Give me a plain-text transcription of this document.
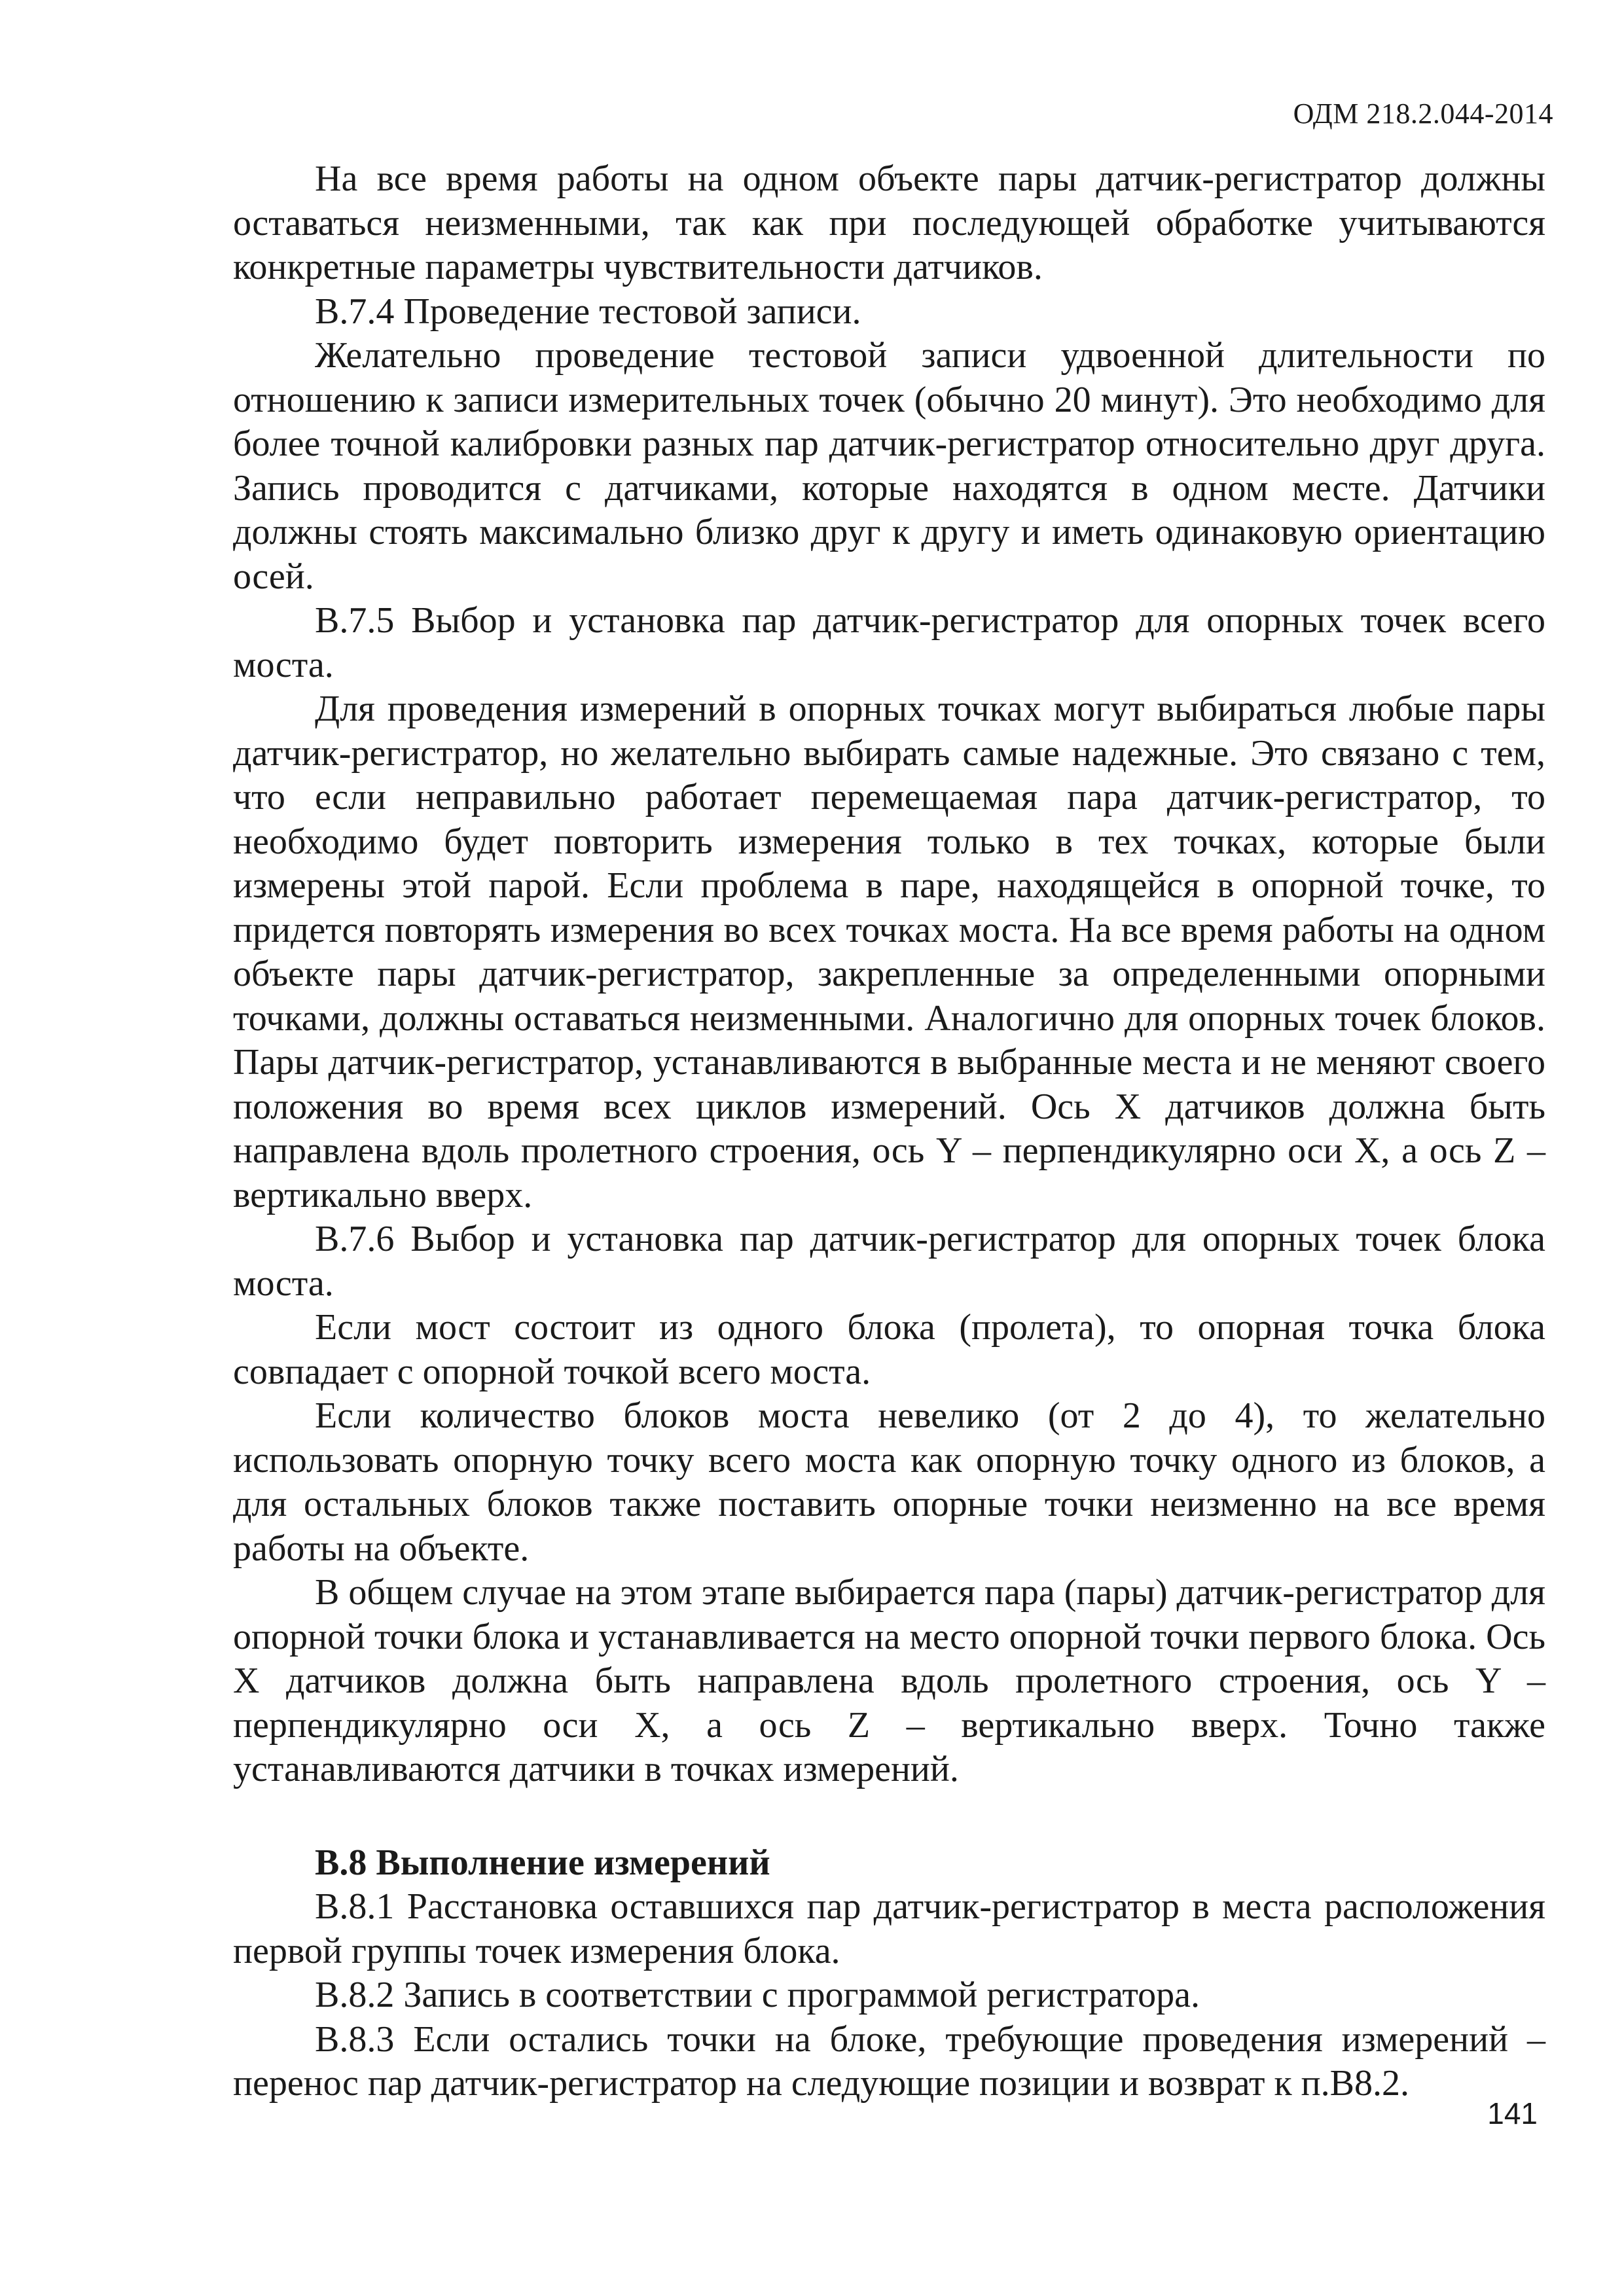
ОДМ 218.2.044-2014

На все время работы на одном объекте пары датчик-регистратор должны оставаться неизменными, так как при последующей обработке учитываются конкретные параметры чувствительности датчиков.

В.7.4 Проведение тестовой записи.

Желательно проведение тестовой записи удвоенной длительности по отношению к записи измерительных точек (обычно 20 минут). Это необходимо для более точной калибровки разных пар датчик-регистратор относительно друг друга. Запись проводится с датчиками, которые находятся в одном месте. Датчики должны стоять максимально близко друг к другу и иметь одинаковую ориентацию осей.

В.7.5 Выбор и установка пар датчик-регистратор для опорных точек всего моста.

Для проведения измерений в опорных точках могут выбираться любые пары датчик-регистратор, но желательно выбирать самые надежные. Это связано с тем, что если неправильно работает перемещаемая пара датчик-регистратор, то необходимо будет повторить измерения только в тех точках, которые были измерены этой парой. Если проблема в паре, находящейся в опорной точке, то придется повторять измерения во всех точках моста. На все время работы на одном объекте пары датчик-регистратор, закрепленные за определенными опорными точками, должны оставаться неизменными. Аналогично для опорных точек блоков. Пары датчик-регистратор, устанавливаются в выбранные места и не меняют своего положения во время всех циклов измерений. Ось X датчиков должна быть направлена вдоль пролетного строения, ось Y – перпендикулярно оси X, а ось Z – вертикально вверх.

В.7.6 Выбор и установка пар датчик-регистратор для опорных точек блока моста.

Если мост состоит из одного блока (пролета), то опорная точка блока совпадает с опорной точкой всего моста.

Если количество блоков моста невелико (от 2 до 4), то желательно использовать опорную точку всего моста как опорную точку одного из блоков, а для остальных блоков также поставить опорные точки неизменно на все время работы на объекте.

В общем случае на этом этапе выбирается пара (пары) датчик-регистратор для опорной точки блока и устанавливается на место опорной точки первого блока. Ось X датчиков должна быть направлена вдоль пролетного строения, ось Y – перпендикулярно оси X, а ось Z – вертикально вверх. Точно также устанавливаются датчики в точках измерений.

В.8 Выполнение измерений

В.8.1 Расстановка оставшихся пар датчик-регистратор в места расположения первой группы точек измерения блока.

В.8.2 Запись в соответствии с программой регистратора.

В.8.3 Если остались точки на блоке, требующие проведения измерений – перенос пар датчик-регистратор на следующие позиции и возврат к п.В8.2.

141
